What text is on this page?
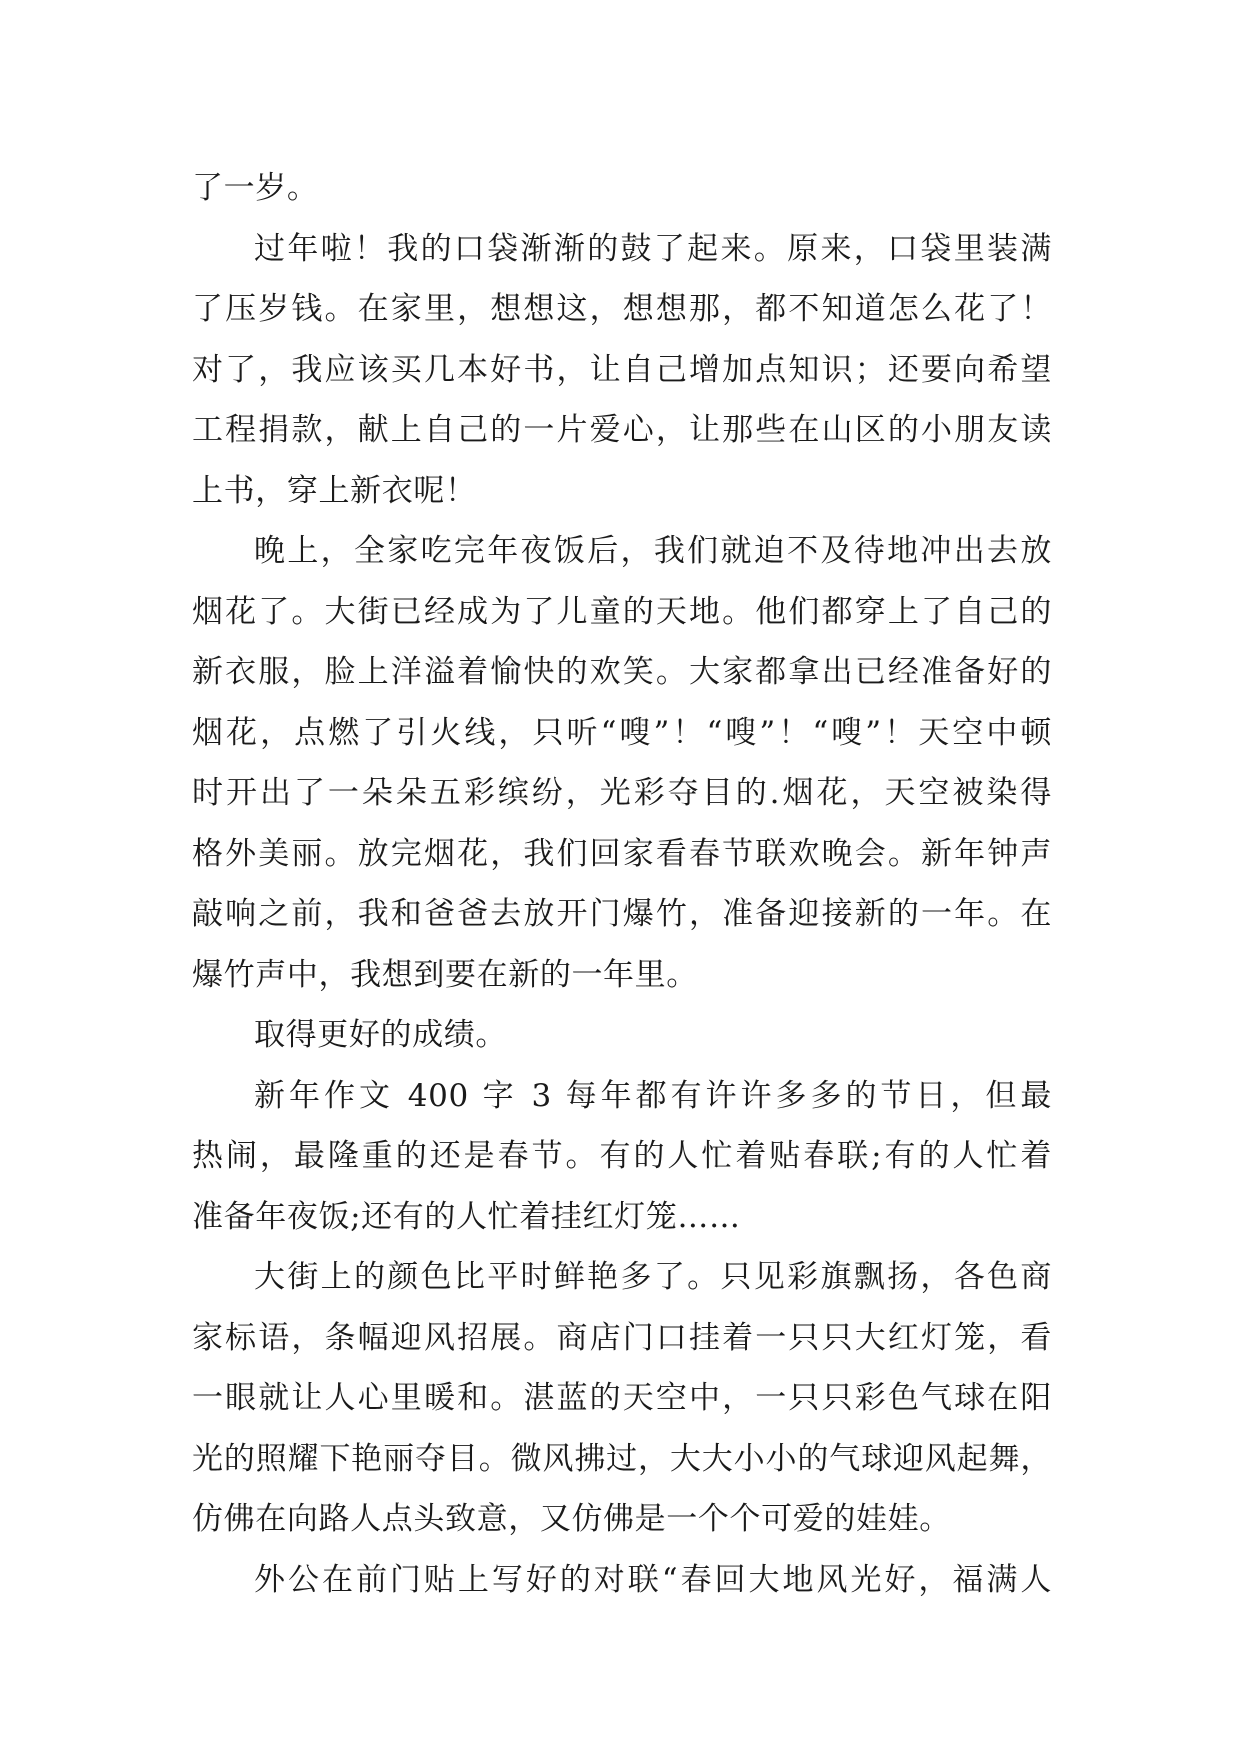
了一岁。
过年啦！我的口袋渐渐的鼓了起来。原来，口袋里装满
了压岁钱。在家里，想想这，想想那，都不知道怎么花了！
对了，我应该买几本好书，让自己增加点知识；还要向希望
工程捐款，献上自己的一片爱心，让那些在山区的小朋友读
上书，穿上新衣呢！
晚上，全家吃完年夜饭后，我们就迫不及待地冲出去放
烟花了。大街已经成为了儿童的天地。他们都穿上了自己的
新衣服，脸上洋溢着愉快的欢笑。大家都拿出已经准备好的
烟花，点燃了引火线，只听“嗖”！“嗖”！“嗖”！天空中顿
时开出了一朵朵五彩缤纷，光彩夺目的.烟花，天空被染得
格外美丽。放完烟花，我们回家看春节联欢晚会。新年钟声
敲响之前，我和爸爸去放开门爆竹，准备迎接新的一年。在
爆竹声中，我想到要在新的一年里。
取得更好的成绩。
新年作文 400 字 3 每年都有许许多多的节日，但最
热闹，最隆重的还是春节。有的人忙着贴春联;有的人忙着
准备年夜饭;还有的人忙着挂红灯笼……
大街上的颜色比平时鲜艳多了。只见彩旗飘扬，各色商
家标语，条幅迎风招展。商店门口挂着一只只大红灯笼，看
一眼就让人心里暖和。湛蓝的天空中，一只只彩色气球在阳
光的照耀下艳丽夺目。微风拂过，大大小小的气球迎风起舞，
仿佛在向路人点头致意，又仿佛是一个个可爱的娃娃。
外公在前门贴上写好的对联“春回大地风光好，福满人
